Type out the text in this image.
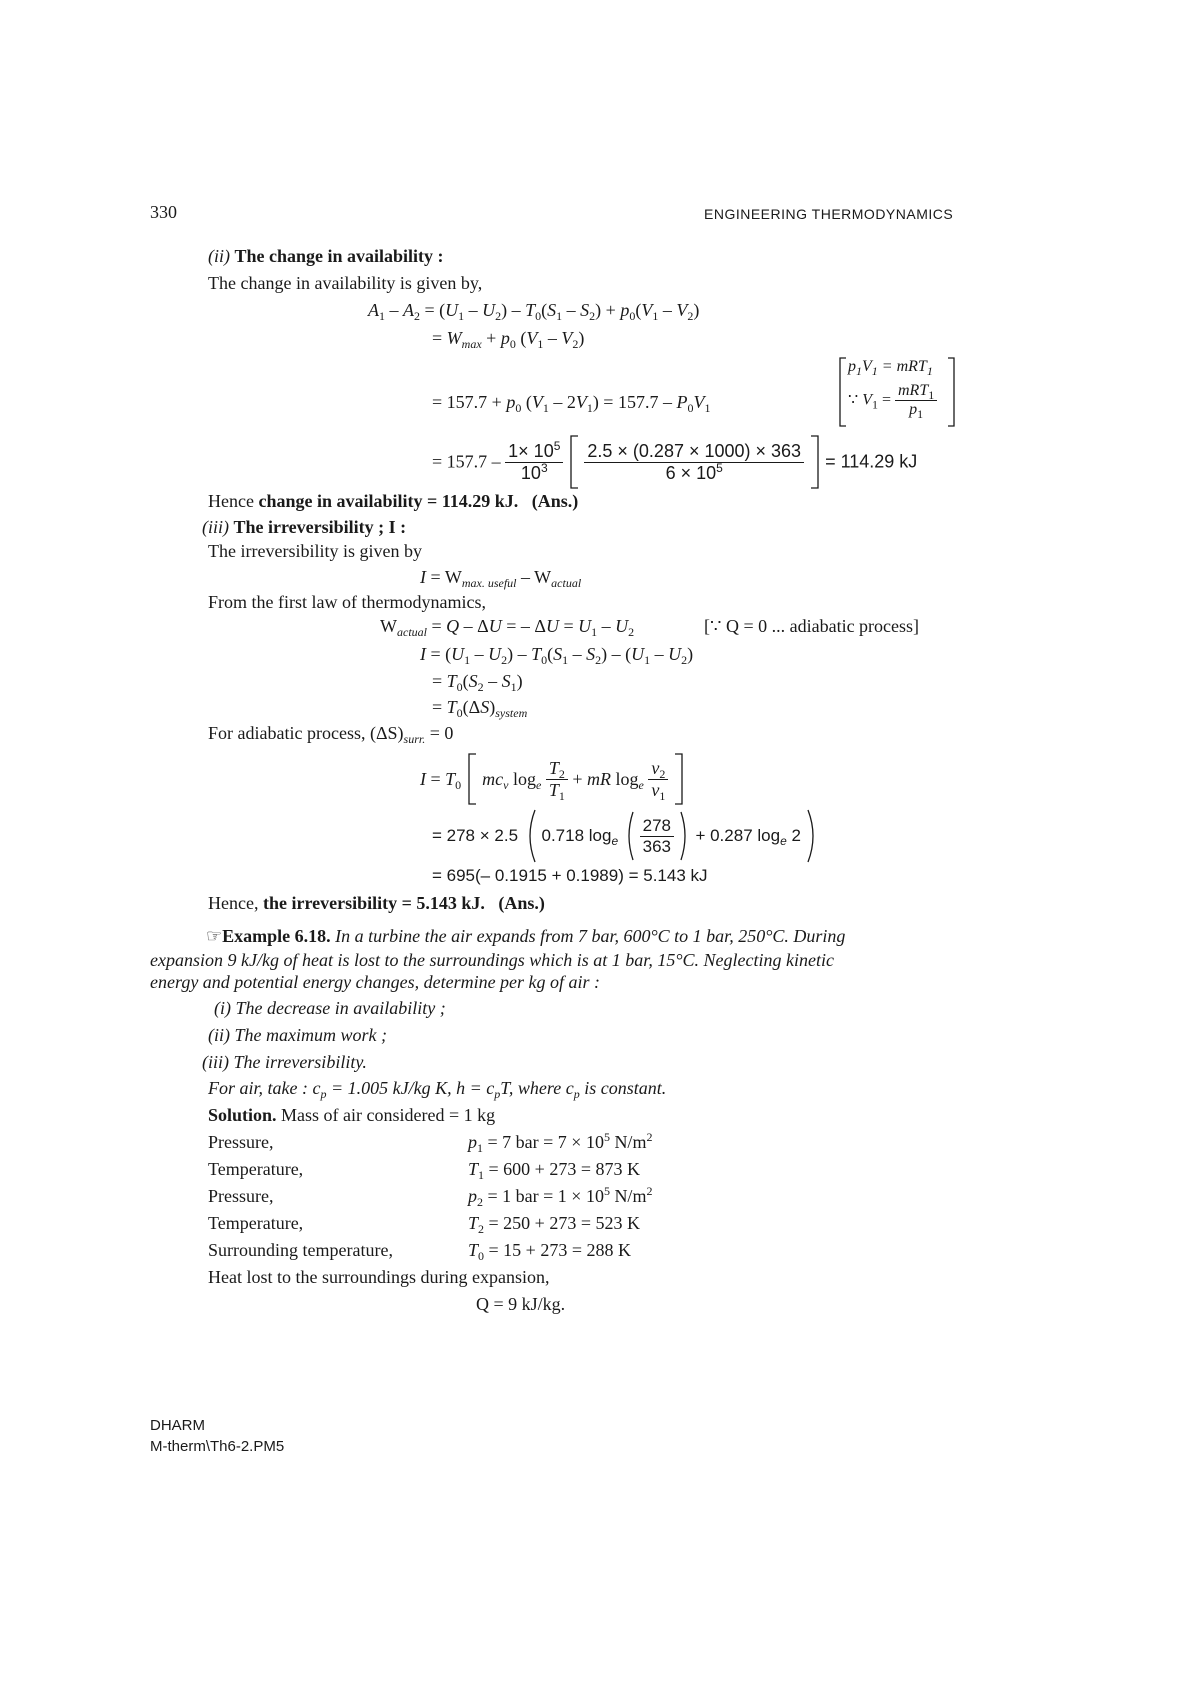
330	ENGINEERING THERMODYNAMICS
(ii) The change in availability :
The change in availability is given by,
$A_1 - A_2 = (U_1 - U_2) - T_0(S_1 - S_2) + p_0(V_1 - V_2)$
= $W_{max} + p_0$ $(V_1 - V_2)$
$p_1V_1 = mRT_1$
∵ $V_1 = \frac{mRT_1}{p_1}$
= $157.7 + p_0$ $(V_1 - 2V_1) = 157.7 - P_0V_1$
= $157.7 - \frac{1\times 10^5}{10^3}$
$\frac{2.5 \times (0.287 \times 1000) \times 363}{6 \times 10^5} = 114.29$ kJ
Hence change in availability = 114.29 kJ. (Ans.)
(iii) The irreversibility ; I :
The irreversibility is given by
$I = W_{max. useful} - W_{actual}$
From the first law of thermodynamics,
$W_{actual} = Q - \Delta U$ = – $\Delta U = U_1 - U_2$	[∵ Q = 0 ... adiabatic process]
$I = (U_1 - U_2) - T_0(S_1 - S_2) - (U_1 - U_2)$
= $T_0(S_2 - S_1)$
= $T_0(\Delta S)_{system}$
For adiabatic process, $(\Delta S)_{surr.} = 0$
$I = T_0$ $mc_v$ $\log_e \frac{T_2}{T_1}$ + mR $\log_e \frac{v_2}{v_1}$

= 278 × 2.5 0.718 $\log_e \frac{278}{363} + 0.287$ $\log_e 2$
= 695(– 0.1915 + 0.1989) = 5.143 kJ
Hence, the irreversibility = 5.143 kJ. (Ans.)
☞Example 6.18. In a turbine the air expands from 7 bar, 600°C to 1 bar, 250°C. During
expansion 9 kJ/kg of heat is lost to the surroundings which is at 1 bar, 15°C. Neglecting kinetic
energy and potential energy changes, determine per kg of air :
(i) The decrease in availability ;
(ii) The maximum work ;
(iii) The irreversibility.
For air, take : $c_p = 1.005$ kJ/kg K, $h = c_pT$, where $c_p$ is constant.
Solution. Mass of air considered = 1 kg
Pressure,	$p_1 = 7$ bar = $7 \times 10^5$ $N/m^2$
Temperature,	$T_1 = 600 + 273 = 873$ K
Pressure,	$p_2 = 1$ bar = $1 \times 10^5$ $N/m^2$
Temperature,	$T_2 = 250 + 273 = 523$ K
Surrounding temperature,	$T_0 = 15 + 273 = 288$ K
Heat lost to the surroundings during expansion,
Q = 9 kJ/kg.
DHARM
M-therm\Th6-2.PM5
